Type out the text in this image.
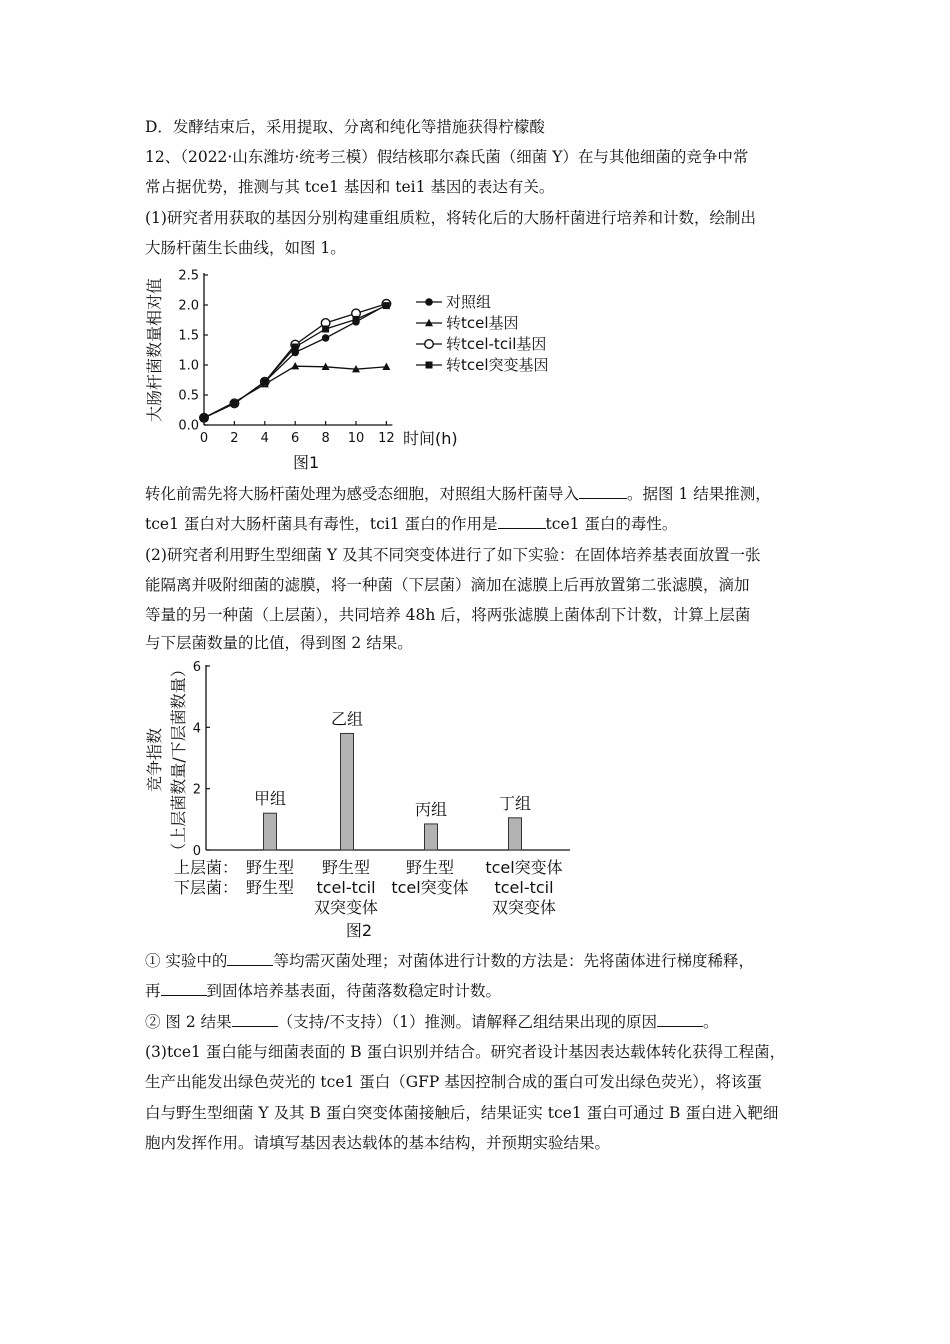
D．发酵结束后，采用提取、分离和纯化等措施获得柠檬酸
12、（2022·山东潍坊·统考三模）假结核耶尔森氏菌（细菌 Y）在与其他细菌的竞争中常
常占据优势，推测与其 tce1 基因和 tei1 基因的表达有关。
(1)研究者用获取的基因分别构建重组质粒，将转化后的大肠杆菌进行培养和计数，绘制出
大肠杆菌生长曲线，如图 1。
0.0
0.5
1.0
1.5
2.0
2.5
0 2 4 6 8 10 12
对照组
转tcel基因
转tcel-tcil基因
转tcel突变基因
大肠杆菌数量相对值
时间(h)
图1
转化前需先将大肠杆菌处理为感受态细胞，对照组大肠杆菌导入	。据图 1 结果推测，
tce1 蛋白对大肠杆菌具有毒性，tci1 蛋白的作用是	tce1 蛋白的毒性。
(2)研究者利用野生型细菌 Y 及其不同突变体进行了如下实验：在固体培养基表面放置一张
能隔离并吸附细菌的滤膜，将一种菌（下层菌）滴加在滤膜上后再放置第二张滤膜，滴加
等量的另一种菌（上层菌），共同培养 48h 后，将两张滤膜上菌体刮下计数，计算上层菌
与下层菌数量的比值，得到图 2 结果。
0
2
4
6
甲组
乙组
丙组	丁组
上层菌：
下层菌：
野生型 野生型 野生型 tcel突变体
野生型 tcel-tcil
双突变体
tcel突变体 tcel-tcil
双突变体
竞争指数 （上层菌数量/下层菌数量）
图2
① 实验中的	等均需灭菌处理；对菌体进行计数的方法是：先将菌体进行梯度稀释，
再	到固体培养基表面，待菌落数稳定时计数。
② 图 2 结果	（支持/不支持）（1）推测。请解释乙组结果出现的原因	。
(3)tce1 蛋白能与细菌表面的 B 蛋白识别并结合。研究者设计基因表达载体转化获得工程菌，
生产出能发出绿色荧光的 tce1 蛋白（GFP 基因控制合成的蛋白可发出绿色荧光），将该蛋
白与野生型细菌 Y 及其 B 蛋白突变体菌接触后，结果证实 tce1 蛋白可通过 B 蛋白进入靶细
胞内发挥作用。请填写基因表达载体的基本结构，并预期实验结果。
